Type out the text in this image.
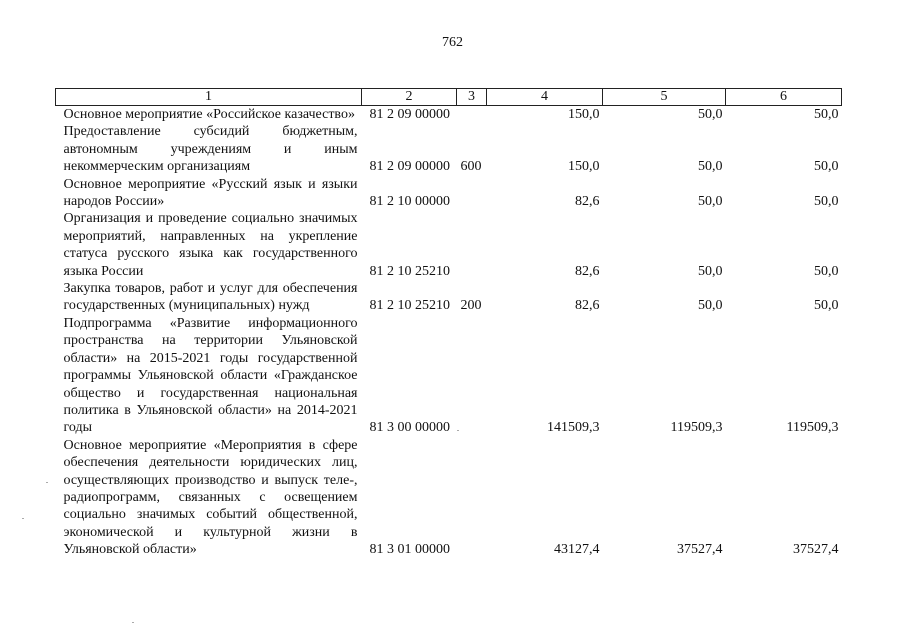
762
1	2	3	4	5	6
Основное мероприятие «Российское казачество»	81 2 09 00000		150,0	50,0	50,0
Предоставление субсидий бюджетным, автономным учреждениям и иным некоммерческим организациям	81 2 09 00000	600	150,0	50,0	50,0
Основное мероприятие «Русский язык и языки народов России»	81 2 10 00000		82,6	50,0	50,0
Организация и проведение социально значимых мероприятий, направленных на укрепление статуса русского языка как государственного языка России	81 2 10 25210		82,6	50,0	50,0
Закупка товаров, работ и услуг для обеспечения государственных (муниципальных) нужд	81 2 10 25210	200	82,6	50,0	50,0
Подпрограмма «Развитие информационного пространства на территории Ульяновской области» на 2015-2021 годы государственной программы Ульяновской области «Гражданское общество и государственная национальная политика в Ульяновской области» на 2014-2021 годы	81 3 00 00000		141509,3	119509,3	119509,3
Основное мероприятие «Мероприятия в сфере обеспечения деятельности юридических лиц, осуществляющих производство и выпуск теле-, радиопрограмм, связанных с освещением социально значимых событий общественной, экономической и культурной жизни в Ульяновской области»	81 3 01 00000		43127,4	37527,4	37527,4
